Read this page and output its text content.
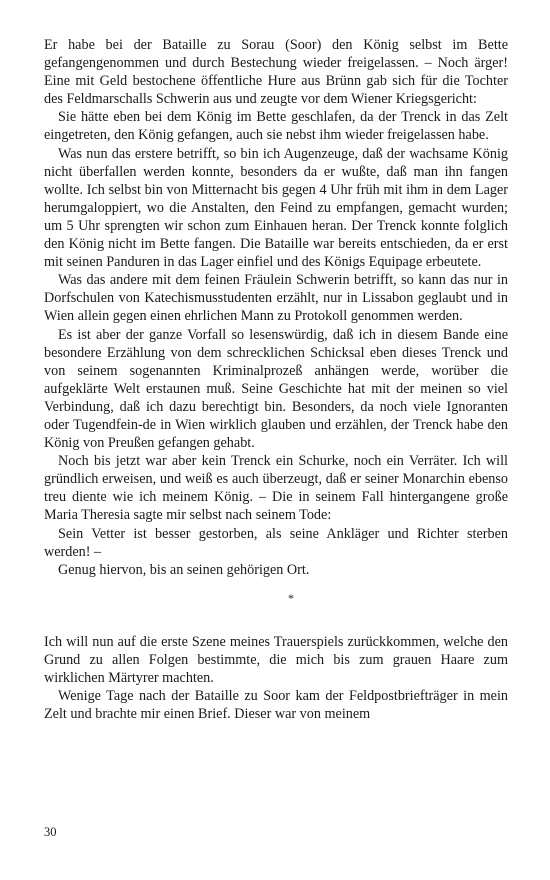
Er habe bei der Bataille zu Sorau (Soor) den König selbst im Bette gefangengenommen und durch Bestechung wieder freigelassen. – Noch ärger! Eine mit Geld bestochene öffentliche Hure aus Brünn gab sich für die Tochter des Feldmarschalls Schwerin aus und zeugte vor dem Wiener Kriegsgericht:

Sie hätte eben bei dem König im Bette geschlafen, da der Trenck in das Zelt eingetreten, den König gefangen, auch sie nebst ihm wieder freigelassen habe.

Was nun das erstere betrifft, so bin ich Augenzeuge, daß der wachsame König nicht überfallen werden konnte, besonders da er wußte, daß man ihn fangen wollte. Ich selbst bin von Mitternacht bis gegen 4 Uhr früh mit ihm in dem Lager herumgaloppiert, wo die Anstalten, den Feind zu empfangen, gemacht wurden; um 5 Uhr sprengten wir schon zum Einhauen heran. Der Trenck konnte folglich den König nicht im Bette fangen. Die Bataille war bereits entschieden, da er erst mit seinen Panduren in das Lager einfiel und des Königs Equipage erbeutete.

Was das andere mit dem feinen Fräulein Schwerin betrifft, so kann das nur in Dorfschulen von Katechismusstudenten erzählt, nur in Lissabon geglaubt und in Wien allein gegen einen ehrlichen Mann zu Protokoll genommen werden.

Es ist aber der ganze Vorfall so lesenswürdig, daß ich in diesem Bande eine besondere Erzählung von dem schrecklichen Schicksal eben dieses Trenck und von seinem sogenannten Kriminalprozeß anhängen werde, worüber die aufgeklärte Welt erstaunen muß. Seine Geschichte hat mit der meinen so viel Verbindung, daß ich dazu berechtigt bin. Besonders, da noch viele Ignoranten oder Tugendfein-de in Wien wirklich glauben und erzählen, der Trenck habe den König von Preußen gefangen gehabt.

Noch bis jetzt war aber kein Trenck ein Schurke, noch ein Verräter. Ich will gründlich erweisen, und weiß es auch überzeugt, daß er seiner Monarchin ebenso treu diente wie ich meinem König. – Die in seinem Fall hintergangene große Maria Theresia sagte mir selbst nach seinem Tode:

Sein Vetter ist besser gestorben, als seine Ankläger und Richter sterben werden! –

Genug hiervon, bis an seinen gehörigen Ort.

*

Ich will nun auf die erste Szene meines Trauerspiels zurückkommen, welche den Grund zu allen Folgen bestimmte, die mich bis zum grauen Haare zum wirklichen Märtyrer machten.

Wenige Tage nach der Bataille zu Soor kam der Feldpostbriefträger in mein Zelt und brachte mir einen Brief. Dieser war von meinem

30
